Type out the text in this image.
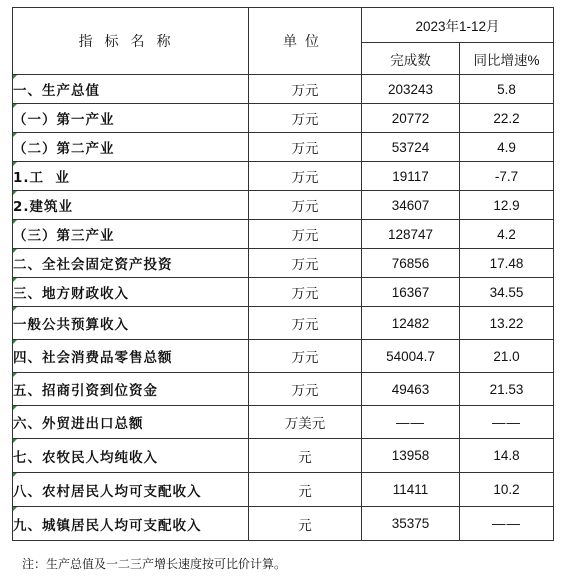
指标名称	单位	2023年1-12月	
		完成数	同比增速%

一、生产总值	万元	203243	5.8

（一）第一产业	万元	20772	22.2

（二）第二产业	万元	53724	4.9

1.工  业	万元	19117	-7.7

2.建筑业	万元	34607	12.9

（三）第三产业	万元	128747	4.2

二、全社会固定资产投资	万元	76856	17.48

三、地方财政收入	万元	16367	34.55

一般公共预算收入	万元	12482	13.22

四、社会消费品零售总额	万元	54004.7	21.0

五、招商引资到位资金	万元	49463	21.53

六、外贸进出口总额	万美元	——	——

七、农牧民人均纯收入	元	13958	14.8

八、农村居民人均可支配收入	元	11411	10.2

九、城镇居民人均可支配收入	元	35375	——
注：生产总值及一二三产增长速度按可比价计算。
